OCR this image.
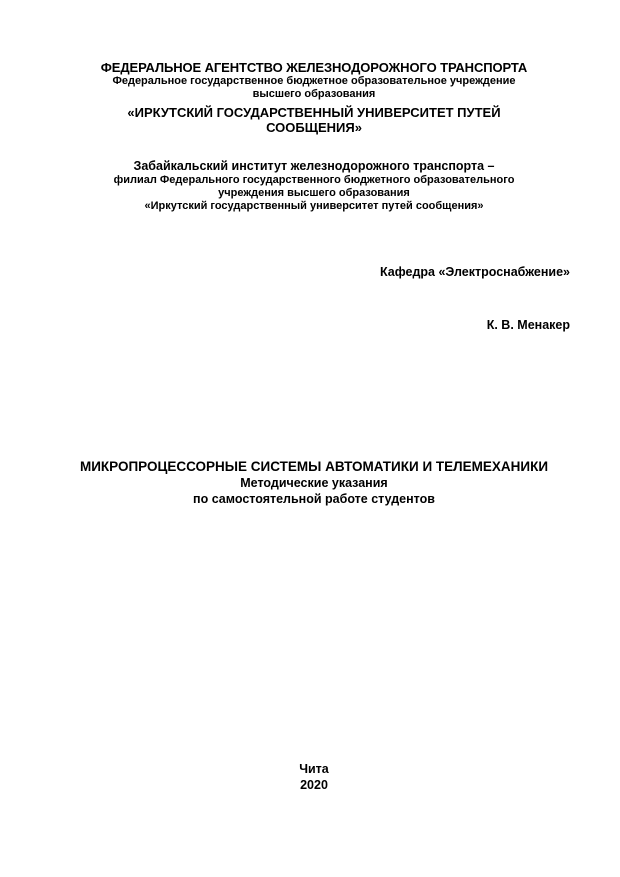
ФЕДЕРАЛЬНОЕ АГЕНТСТВО ЖЕЛЕЗНОДОРОЖНОГО ТРАНСПОРТА
Федеральное государственное бюджетное образовательное учреждение
высшего образования
«ИРКУТСКИЙ ГОСУДАРСТВЕННЫЙ УНИВЕРСИТЕТ ПУТЕЙ
СООБЩЕНИЯ»
Забайкальский институт железнодорожного транспорта –
филиал Федерального государственного бюджетного образовательного
учреждения высшего образования
«Иркутский государственный университет путей сообщения»
Кафедра «Электроснабжение»
К. В. Менакер
МИКРОПРОЦЕССОРНЫЕ СИСТЕМЫ АВТОМАТИКИ И ТЕЛЕМЕХАНИКИ
Методические указания
по самостоятельной работе студентов
Чита
2020
